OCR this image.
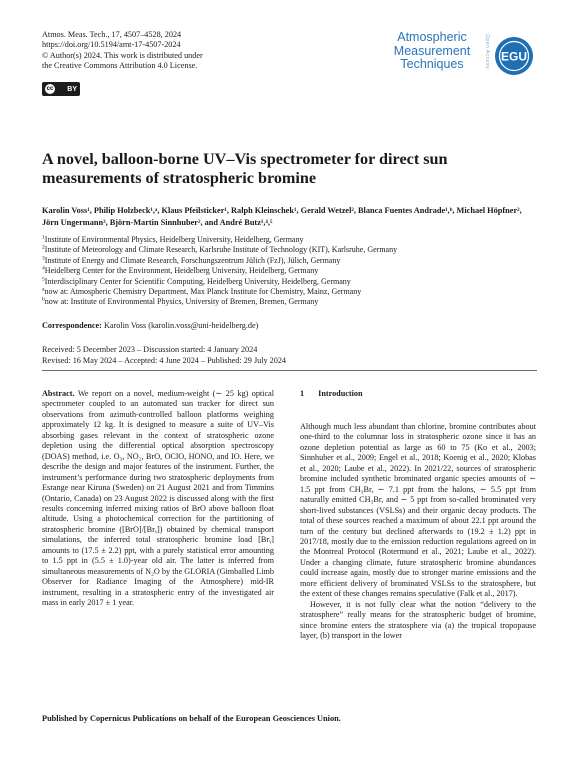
Atmos. Meas. Tech., 17, 4507–4528, 2024
https://doi.org/10.5194/amt-17-4507-2024
© Author(s) 2024. This work is distributed under
the Creative Commons Attribution 4.0 License.
cc BY
Atmospheric
Measurement
Techniques	Open Access EGU
A novel, balloon-borne UV–Vis spectrometer for direct sun measurements of stratospheric bromine
Karolin Voss¹, Philip Holzbeck¹,ᵃ, Klaus Pfeilsticker¹, Ralph Kleinschek¹, Gerald Wetzel², Blanca Fuentes Andrade¹,ᵇ, Michael Höpfner², Jörn Ungermann³, Björn-Martin Sinnhuber², and André Butz¹,⁴,⁵
$^1$Institute of Environmental Physics, Heidelberg University, Heidelberg, Germany
$^2$Institute of Meteorology and Climate Research, Karlsruhe Institute of Technology (KIT), Karlsruhe, Germany
$^3$Institute of Energy and Climate Research, Forschungszentrum Jülich (FzJ), Jülich, Germany
$^4$Heidelberg Center for the Environment, Heidelberg University, Heidelberg, Germany
$^5$Interdisciplinary Center for Scientific Computing, Heidelberg University, Heidelberg, Germany
$^a$now at: Atmospheric Chemistry Department, Max Planck Institute for Chemistry, Mainz, Germany
$^b$now at: Institute of Environmental Physics, University of Bremen, Bremen, Germany
Correspondence: Karolin Voss (karolin.voss@uni-heidelberg.de)
Received: 5 December 2023 – Discussion started: 4 January 2024
Revised: 16 May 2024 – Accepted: 4 June 2024 – Published: 29 July 2024
Abstract. We report on a novel, medium-weight (∼ 25 kg) optical spectrometer coupled to an automated sun tracker for direct sun observations from azimuth-controlled balloon platforms weighing approximately 12 kg. It is designed to measure a suite of UV–Vis absorbing gases relevant in the context of stratospheric ozone depletion using the differential optical absorption spectroscopy (DOAS) method, i.e. O₃, NO₂, BrO, OClO, HONO, and IO. Here, we describe the design and major features of the instrument. Further, the instrument’s performance during two stratospheric deployments from Esrange near Kiruna (Sweden) on 21 August 2021 and from Timmins (Ontario, Canada) on 23 August 2022 is discussed along with the first results concerning inferred mixing ratios of BrO above balloon float altitude. Using a photochemical correction for the partitioning of stratospheric bromine ([BrO]/[Brᵧ]) obtained by chemical transport simulations, the inferred total stratospheric bromine load [Brᵧ] amounts to (17.5 ± 2.2) ppt, with a purely statistical error amounting to 1.5 ppt in (5.5 ± 1.0)-year old air. The latter is inferred from simultaneous measurements of N₂O by the GLORIA (Gimballed Limb Observer for Radiance Imaging of the Atmosphere) mid-IR instrument, resulting in a stratospheric entry of the investigated air mass in early 2017 ± 1 year.
1 Introduction

Although much less abundant than chlorine, bromine contributes about one-third to the columnar loss in stratospheric ozone since it has an ozone depletion potential as large as 60 to 75 (Ko et al., 2003; Sinnhuber et al., 2009; Engel et al., 2018; Koenig et al., 2020; Klobas et al., 2020; Laube et al., 2022). In 2021/22, sources of stratospheric bromine included synthetic brominated organic species amounts of ∼ 1.5 ppt from CH₃Br, ∼ 7.1 ppt from the halons, ∼ 5.5 ppt from naturally emitted CH₃Br, and ∼ 5 ppt from so-called brominated very short-lived substances (VSLSs) and their organic decay products. The total of these sources reached a maximum of about 22.1 ppt around the turn of the century but declined afterwards to (19.2 ± 1.2) ppt in 2017/18, mostly due to the emission reduction regulations agreed on in the Montreal Protocol (Rotermund et al., 2021; Laube et al., 2022). Under a changing climate, future stratospheric bromine abundances could increase again, mostly due to stronger marine emissions and the more efficient delivery of brominated VSLSs to the stratosphere, but the extent of these changes remains speculative (Falk et al., 2017).

However, it is not fully clear what the notion “delivery to the stratosphere” really means for the stratospheric budget of bromine, since bromine enters the stratosphere via (a) the tropical tropopause layer, (b) transport in the lower

Published by Copernicus Publications on behalf of the European Geosciences Union.
